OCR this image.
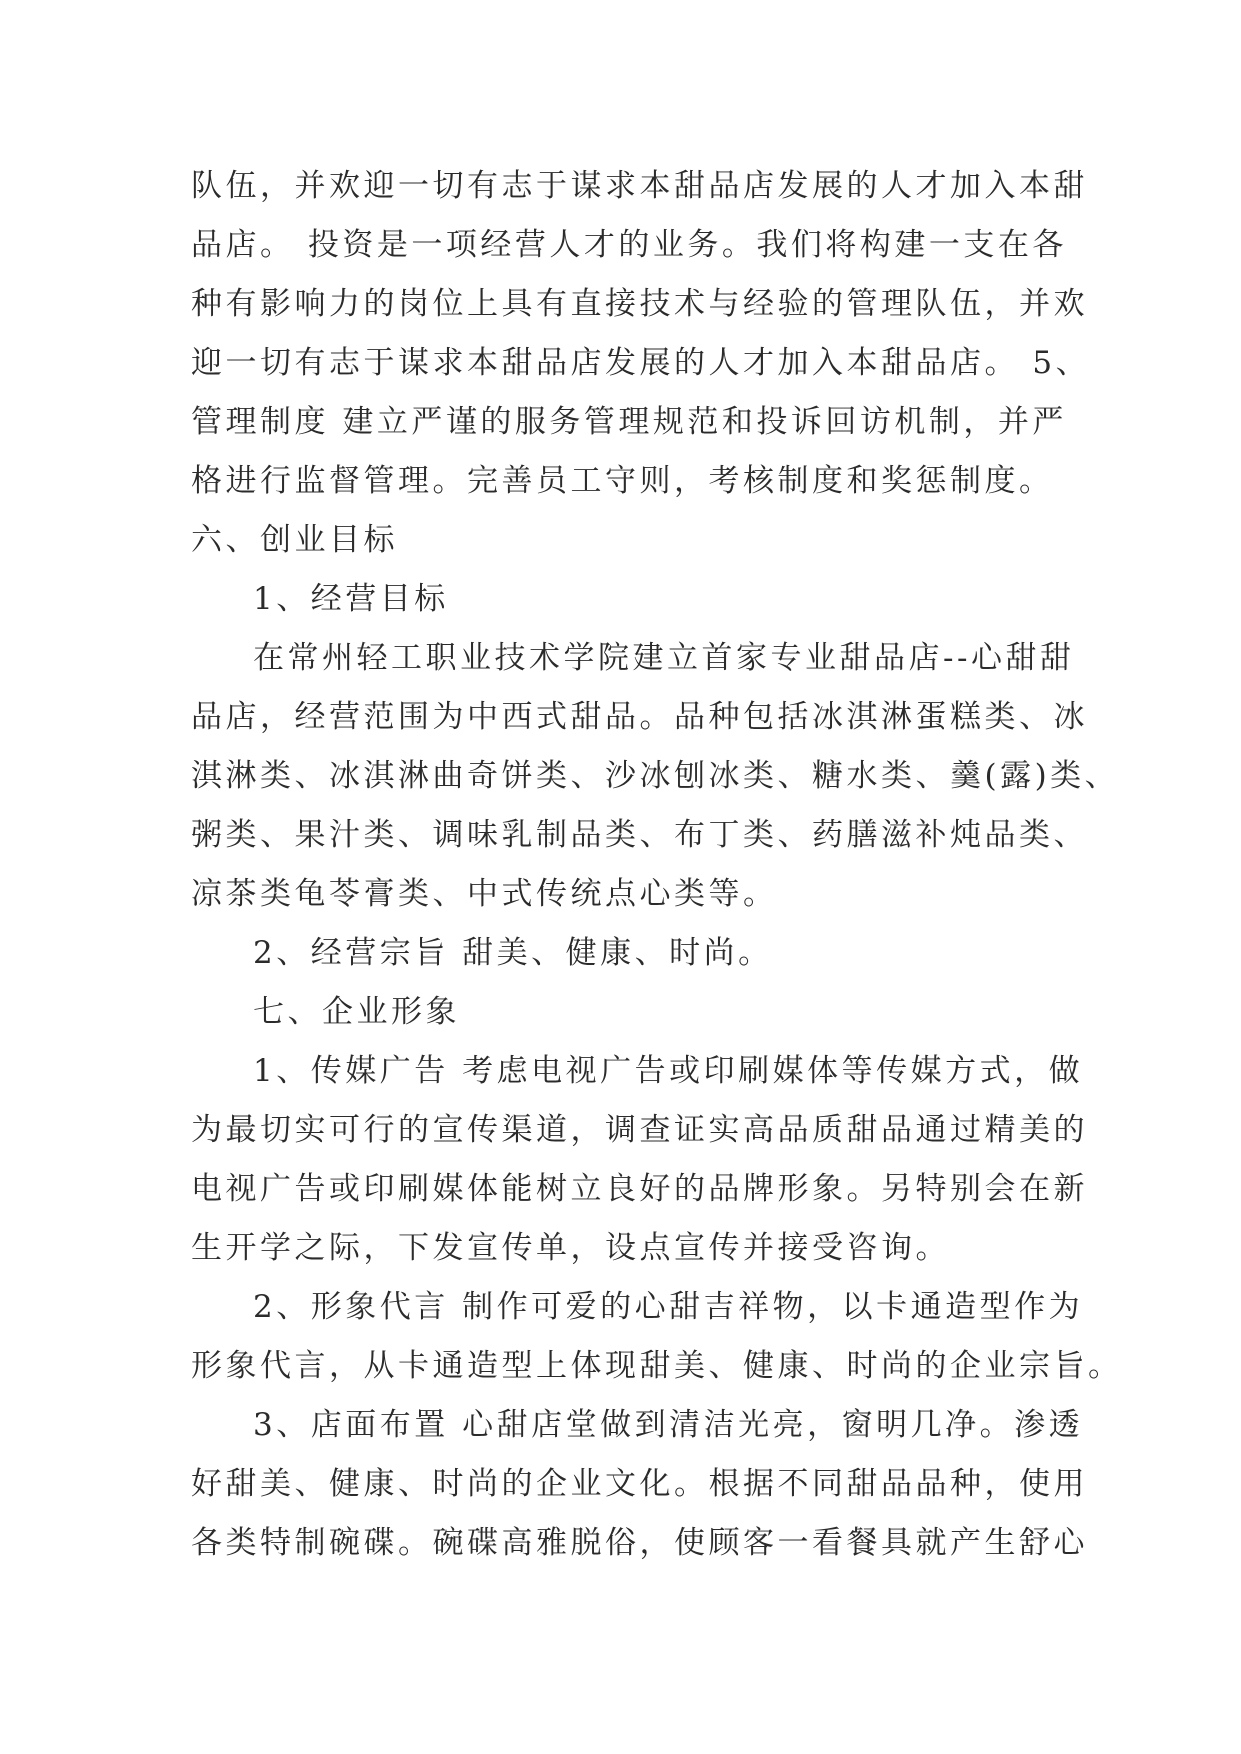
队伍，并欢迎一切有志于谋求本甜品店发展的人才加入本甜
品店。 投资是一项经营人才的业务。我们将构建一支在各
种有影响力的岗位上具有直接技术与经验的管理队伍，并欢
迎一切有志于谋求本甜品店发展的人才加入本甜品店。 5、
管理制度 建立严谨的服务管理规范和投诉回访机制，并严
格进行监督管理。完善员工守则，考核制度和奖惩制度。
六、创业目标
1、经营目标
在常州轻工职业技术学院建立首家专业甜品店--心甜甜
品店，经营范围为中西式甜品。品种包括冰淇淋蛋糕类、冰
淇淋类、冰淇淋曲奇饼类、沙冰刨冰类、糖水类、羹(露)类、
粥类、果汁类、调味乳制品类、布丁类、药膳滋补炖品类、
凉茶类龟苓膏类、中式传统点心类等。
2、经营宗旨 甜美、健康、时尚。
七、企业形象
1、传媒广告 考虑电视广告或印刷媒体等传媒方式，做
为最切实可行的宣传渠道，调查证实高品质甜品通过精美的
电视广告或印刷媒体能树立良好的品牌形象。另特别会在新
生开学之际，下发宣传单，设点宣传并接受咨询。
2、形象代言 制作可爱的心甜吉祥物，以卡通造型作为
形象代言，从卡通造型上体现甜美、健康、时尚的企业宗旨。
3、店面布置 心甜店堂做到清洁光亮，窗明几净。渗透
好甜美、健康、时尚的企业文化。根据不同甜品品种，使用
各类特制碗碟。碗碟高雅脱俗，使顾客一看餐具就产生舒心
